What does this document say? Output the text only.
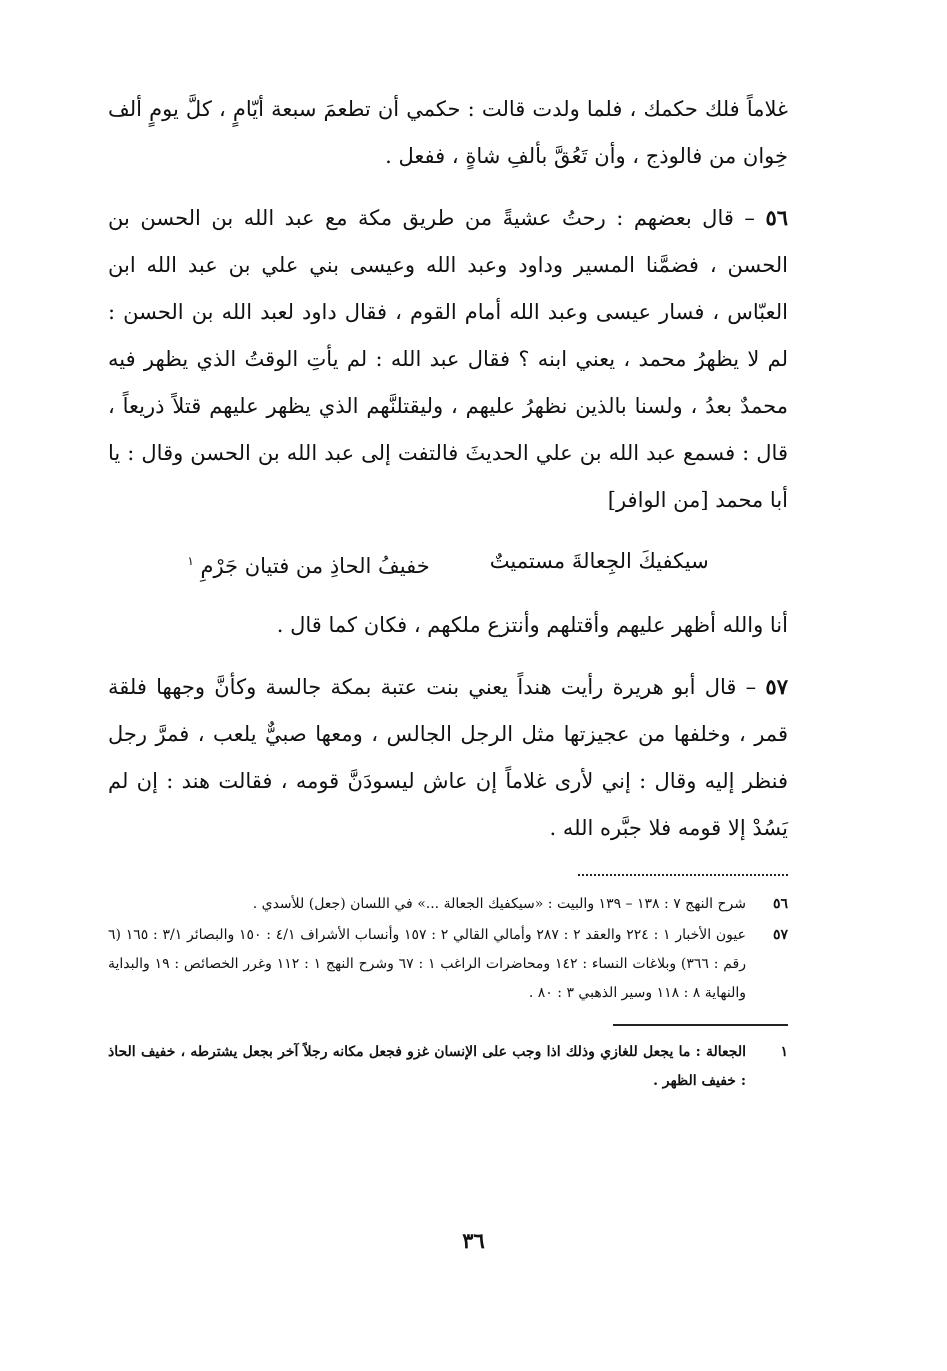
غلاماً فلك حكمك ، فلما ولدت قالت : حكمي أن تطعمَ سبعة أيّامٍ ، كلَّ يومٍ ألف خِوان من فالوذج ، وأن تَعُقَّ بألفِ شاةٍ ، ففعل .

٥٦ – قال بعضهم : رحتُ عشيةً من طريق مكة مع عبد الله بن الحسن بن الحسن ، فضمَّنا المسير وداود وعبد الله وعيسى بني علي بن عبد الله ابن العبّاس ، فسار عيسى وعبد الله أمام القوم ، فقال داود لعبد الله بن الحسن : لم لا يظهرُ محمد ، يعني ابنه ؟ فقال عبد الله : لم يأتِ الوقتُ الذي يظهر فيه محمدٌ بعدُ ، ولسنا بالذين نظهرُ عليهم ، وليقتلنَّهم الذي يظهر عليهم قتلاً ذريعاً ، قال : فسمع عبد الله بن علي الحديثَ فالتفت إلى عبد الله بن الحسن وقال : يا أبا محمد [من الوافر]

سيكفيكَ الجِعالةَ مستميتٌ
خفيفُ الحاذِ من فتيان جَرْمِ $^١$

أنا والله أظهر عليهم وأقتلهم وأنتزع ملكهم ، فكان كما قال .

٥٧ – قال أبو هريرة رأيت هنداً يعني بنت عتبة بمكة جالسة وكأنَّ وجهها فلقة قمر ، وخلفها من عجيزتها مثل الرجل الجالس ، ومعها صبيٌّ يلعب ، فمرَّ رجل فنظر إليه وقال : إني لأرى غلاماً إن عاش ليسودَنَّ قومه ، فقالت هند : إن لم يَسُدْ إلا قومه فلا جبَّره الله .

٥٦
شرح النهج ٧ : ١٣٨ – ١٣٩ والبيت : «سيكفيك الجعالة ...» في اللسان (جعل) للأسدي .
٥٧
عيون الأخبار ١ : ٢٢٤ والعقد ٢ : ٢٨٧ وأمالي القالي ٢ : ١٥٧ وأنساب الأشراف ٤/١ : ١٥٠ والبصائر ٣/١ : ١٦٥ (٦ رقم : ٣٦٦) وبلاغات النساء : ١٤٢ ومحاضرات الراغب ١ : ٦٧ وشرح النهج ١ : ١١٢ وغرر الخصائص : ١٩ والبداية والنهاية ٨ : ١١٨ وسير الذهبي ٣ : ٨٠ .
١
الجعالة : ما يجعل للغازي وذلك اذا وجب على الإنسان غزو فجعل مكانه رجلاً آخر بجعل يشترطه ، خفيف الحاذ : خفيف الظهر .
٣٦
